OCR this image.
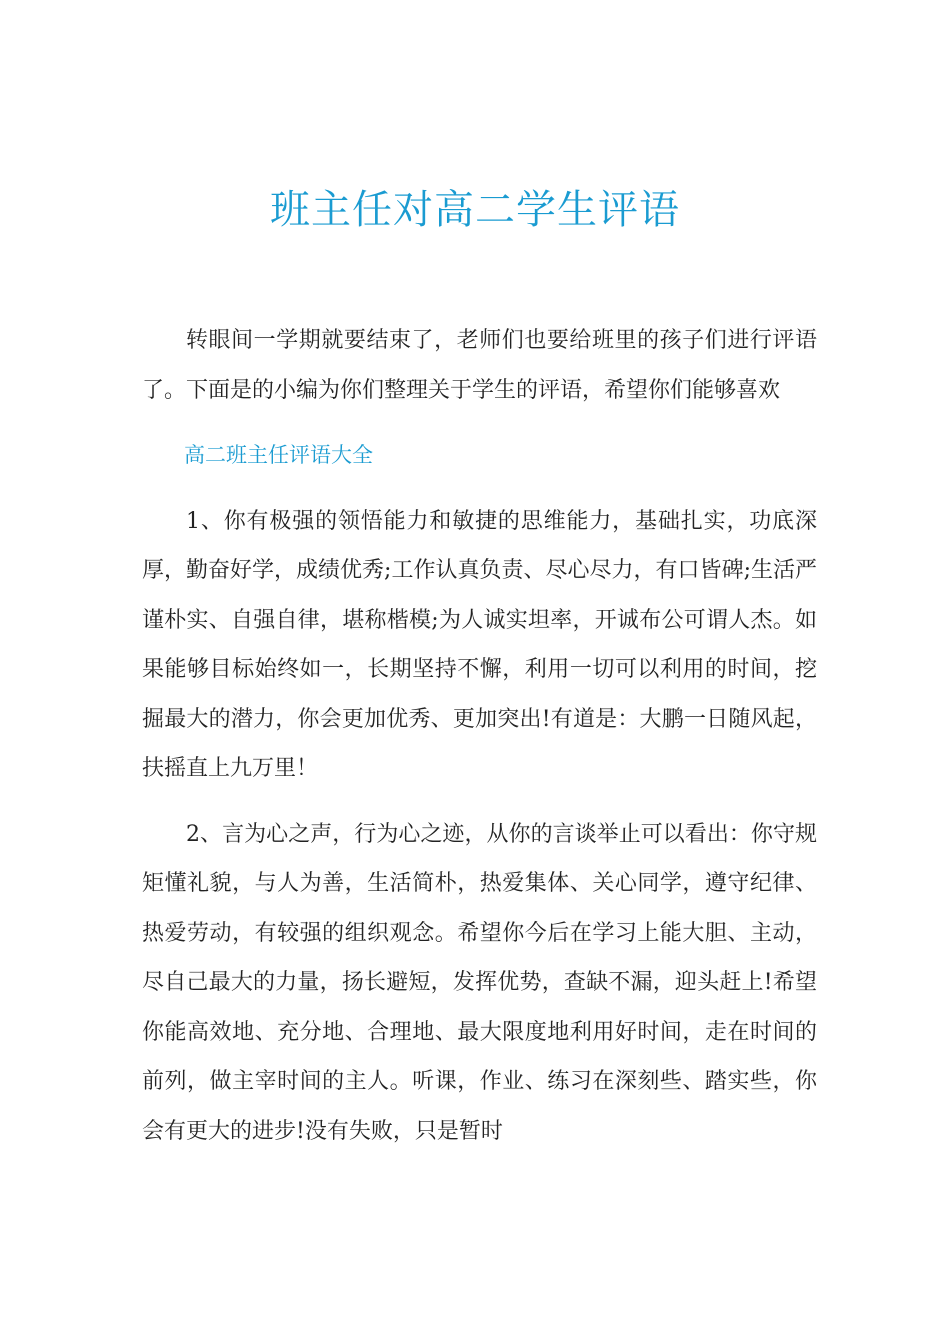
班主任对高二学生评语

转眼间一学期就要结束了，老师们也要给班里的孩子们进行评语了。下面是的小编为你们整理关于学生的评语，希望你们能够喜欢

高二班主任评语大全

1、你有极强的领悟能力和敏捷的思维能力，基础扎实，功底深厚，勤奋好学，成绩优秀;工作认真负责、尽心尽力，有口皆碑;生活严谨朴实、自强自律，堪称楷模;为人诚实坦率，开诚布公可谓人杰。如果能够目标始终如一，长期坚持不懈，利用一切可以利用的时间，挖掘最大的潜力，你会更加优秀、更加突出!有道是：大鹏一日随风起，扶摇直上九万里！

2、言为心之声，行为心之迹，从你的言谈举止可以看出：你守规矩懂礼貌，与人为善，生活简朴，热爱集体、关心同学，遵守纪律、热爱劳动，有较强的组织观念。希望你今后在学习上能大胆、主动，尽自己最大的力量，扬长避短，发挥优势，查缺不漏，迎头赶上!希望你能高效地、充分地、合理地、最大限度地利用好时间，走在时间的前列，做主宰时间的主人。听课，作业、练习在深刻些、踏实些，你会有更大的进步!没有失败，只是暂时
